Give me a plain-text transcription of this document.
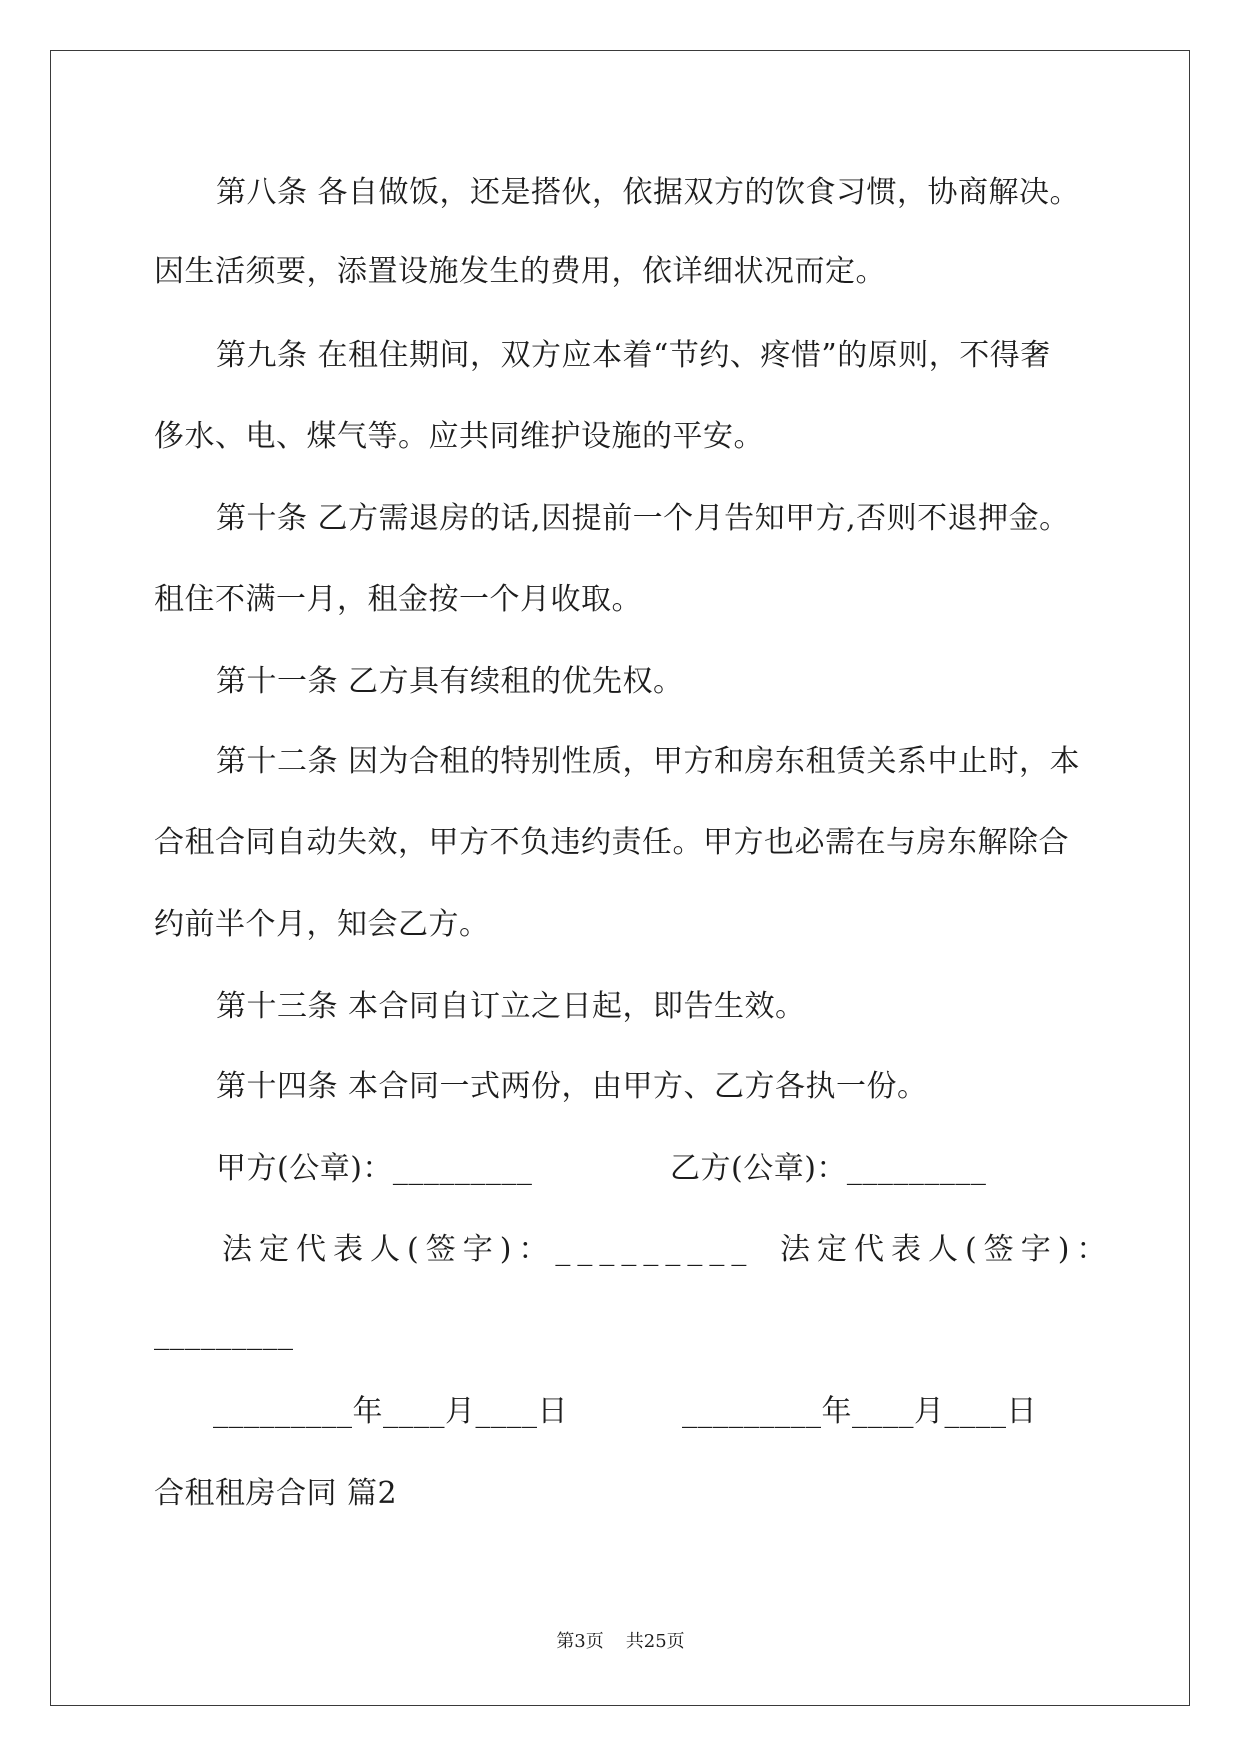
第八条 各自做饭，还是搭伙，依据双方的饮食习惯，协商解决。
因生活须要，添置设施发生的费用，依详细状况而定。
第九条 在租住期间，双方应本着“节约、疼惜”的原则，不得奢
侈水、电、煤气等。应共同维护设施的平安。
第十条 乙方需退房的话,因提前一个月告知甲方,否则不退押金。
租住不满一月，租金按一个月收取。
第十一条 乙方具有续租的优先权。
第十二条 因为合租的特别性质，甲方和房东租赁关系中止时，本
合租合同自动失效，甲方不负违约责任。甲方也必需在与房东解除合
约前半个月，知会乙方。
第十三条 本合同自订立之日起，即告生效。
第十四条 本合同一式两份，由甲方、乙方各执一份。
甲方(公章)：_________	乙方(公章)：_________
法定代表人(签字)：_________ 法定代表人(签字)：
_________
_________年____月____日	_________年____月____日
合租租房合同 篇2
第3页 共25页
